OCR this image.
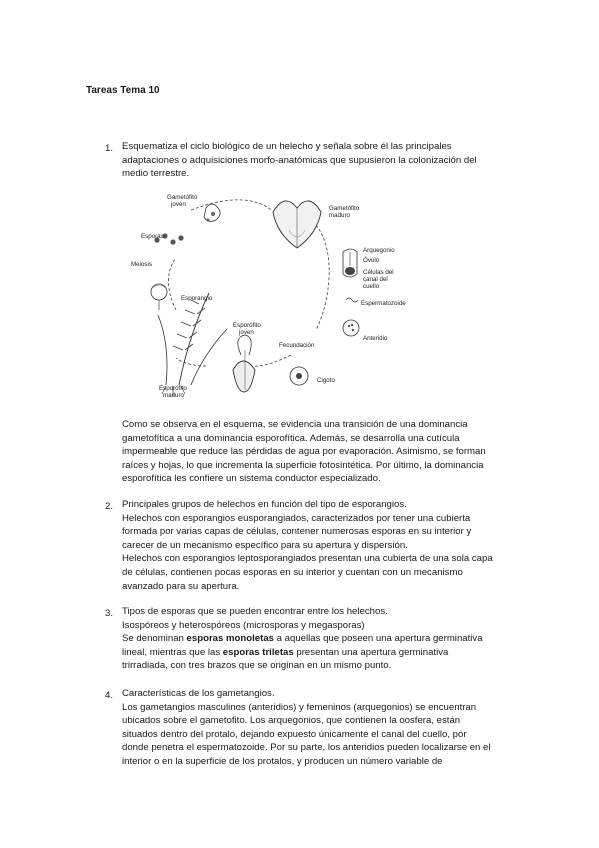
Tareas Tema 10
1. Esquematiza el ciclo biológico de un helecho y señala sobre él las principales
adaptaciones o adquisiciones morfo-anatómicas que supusieron la colonización del
medio terrestre.
Gametófito
joven
Gametófito
maduro
Arquegonio
Óvulo
Células del
canal del
cuello
Espermatozoide
Anteridio
Cigoto
Fecundación
Esporófito
joven
Esporófito
maduro
Esporangio
Esporas
Meiosis
Como se observa en el esquema, se evidencia una transición de una dominancia
gametofítica a una dominancia esporofítica. Además, se desarrolla una cutícula
impermeable que reduce las pérdidas de agua por evaporación. Asimismo, se forman
raíces y hojas, lo que incrementa la superficie fotosintética. Por último, la dominancia
esporofítica les confiere un sistema conductor especializado.
2. Principales grupos de helechos en función del tipo de esporangios.
Helechos con esporangios eusporangiados, caracterizados por tener una cubierta
formada por varias capas de células, contener numerosas esporas en su interior y
carecer de un mecanismo específico para su apertura y dispersión.
Helechos con esporangios leptosporangiados presentan una cubierta de una sola capa
de células, contienen pocas esporas en su interior y cuentan con un mecanismo
avanzado para su apertura.
3. Tipos de esporas que se pueden encontrar entre los helechos.
Isospóreos y heterospóreos (microsporas y megasporas)
Se denominan esporas monoletas a aquellas que poseen una apertura germinativa
lineal, mientras que las esporas triletas presentan una apertura germinativa
trirradiada, con tres brazos que se originan en un mismo punto.
4. Características de los gametangios.
Los gametangios masculinos (anteridios) y femeninos (arquegonios) se encuentran
ubicados sobre el gametofito. Los arquegonios, que contienen la oosfera, están
situados dentro del protalo, dejando expuesto únicamente el canal del cuello, por
donde penetra el espermatozoide. Por su parte, los anteridios pueden localizarse en el
interior o en la superficie de los protalos, y producen un número variable de
